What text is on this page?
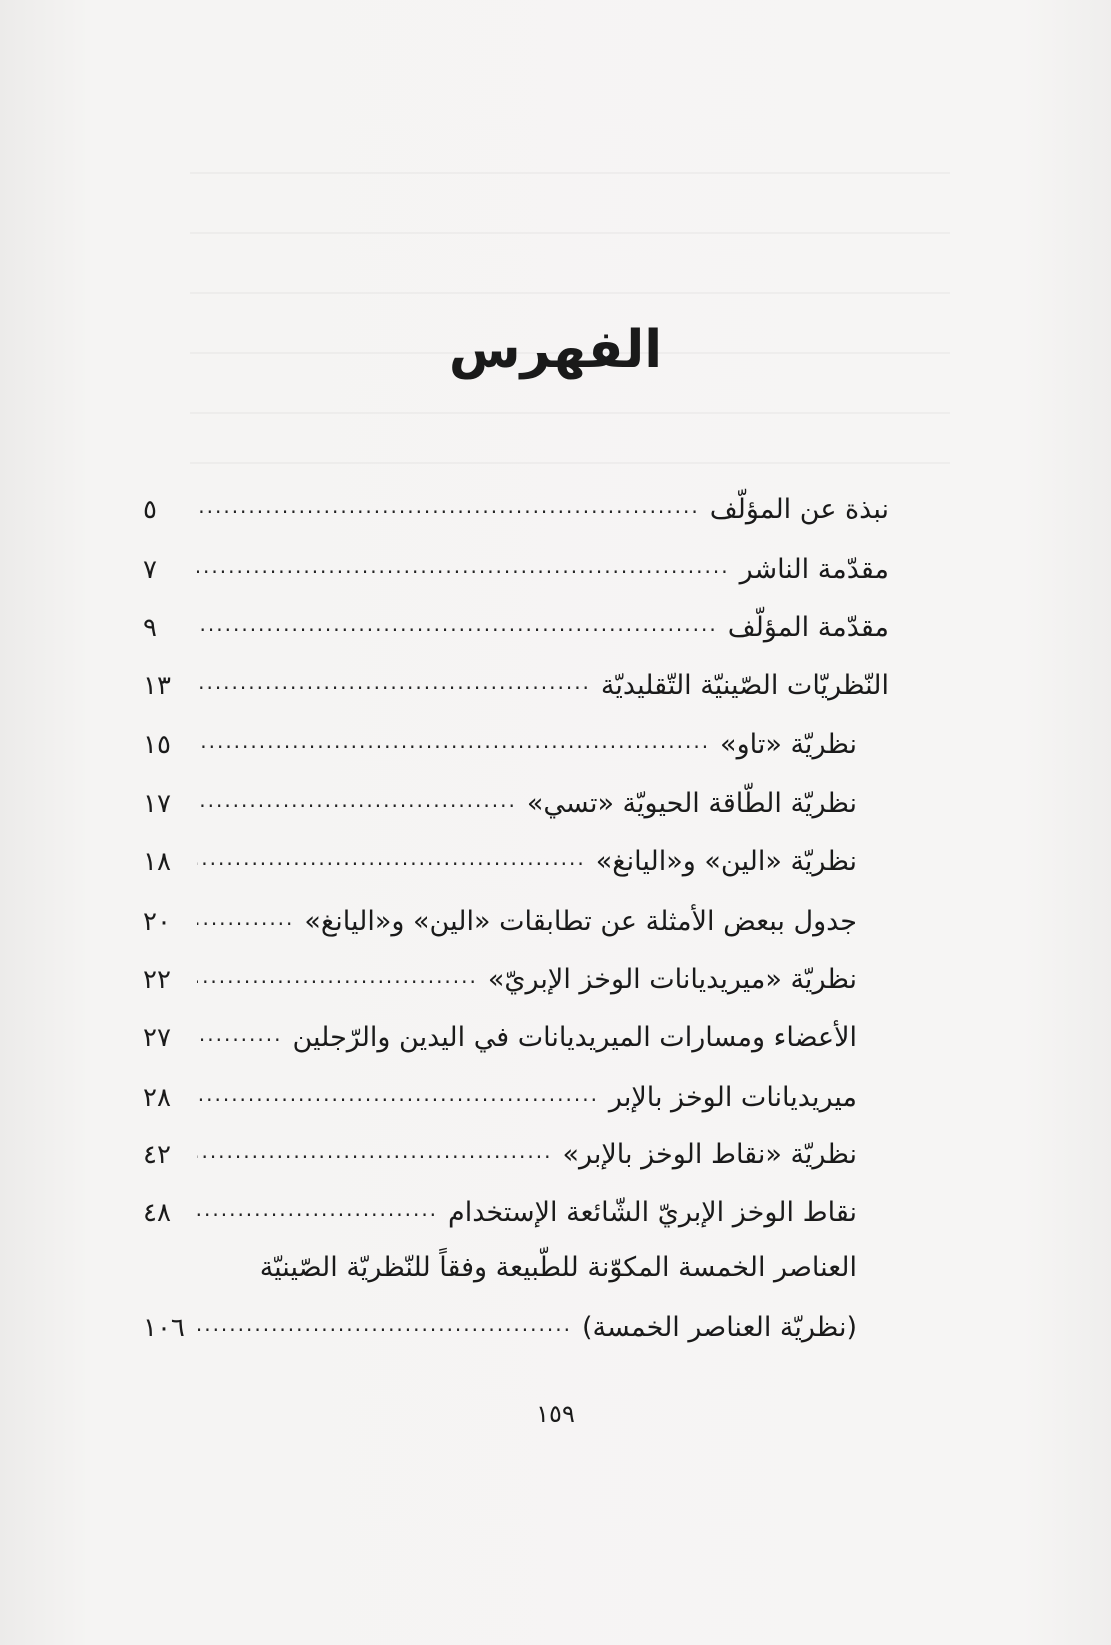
الفهرس
نبذة عن المؤلّف
.....
٥
مقدّمة الناشر
.....
٧
مقدّمة المؤلّف
.....
٩
النّظريّات الصّينيّة التّقليديّة
.....
١٣
نظريّة «تاو»
.....
١٥
نظريّة الطّاقة الحيويّة «تسي»
.....
١٧
نظريّة «الين» و«اليانغ»
.....
١٨
جدول ببعض الأمثلة عن تطابقات «الين» و«اليانغ»
.....
٢٠
نظريّة «ميريديانات الوخز الإبريّ»
.....
٢٢
الأعضاء ومسارات الميريديانات في اليدين والرّجلين
.....
٢٧
ميريديانات الوخز بالإبر
.....
٢٨
نظريّة «نقاط الوخز بالإبر»
.....
٤٢
نقاط الوخز الإبريّ الشّائعة الإستخدام
.....
٤٨
العناصر الخمسة المكوّنة للطّبيعة وفقاً للنّظريّة الصّينيّة
(نظريّة العناصر الخمسة)
.....
١٠٦
١٥٩
